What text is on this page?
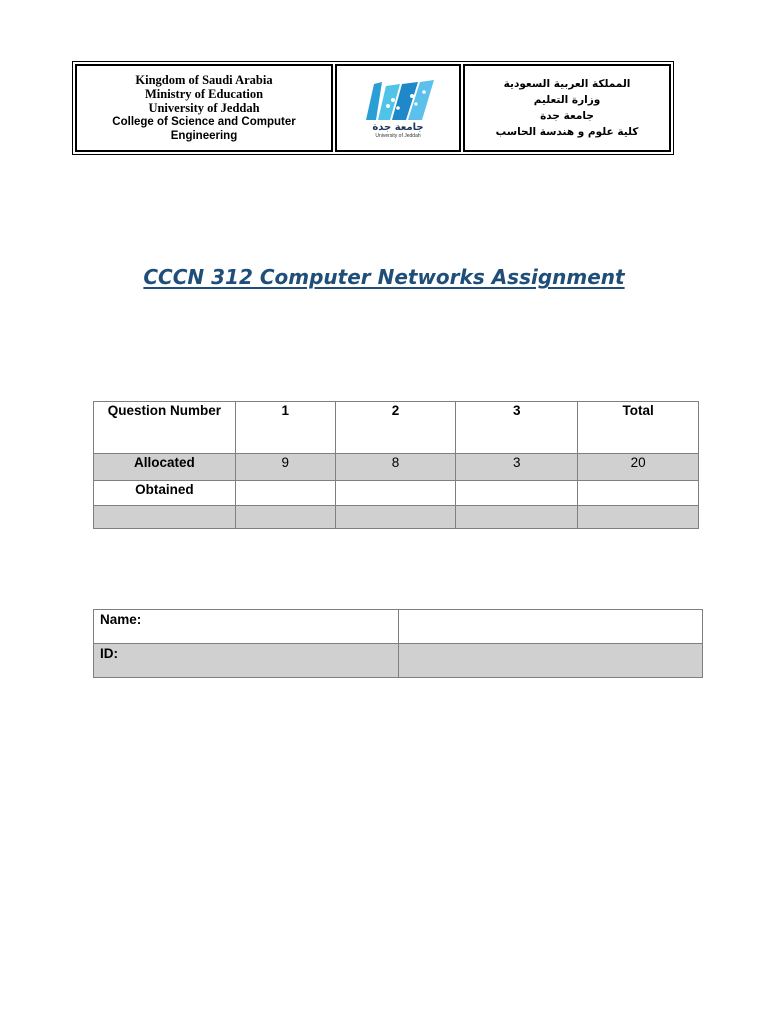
Kingdom of Saudi Arabia
Ministry of Education
University of Jeddah
College of Science and Computer Engineering
جامعة جدة
University of Jeddah
المملكة العربية السعودية
وزارة التعليم
جامعة جدة
كلية علوم و هندسة الحاسب
CCCN 312 Computer Networks Assignment
Question Number	1	2	3	Total
Allocated	9	8	3	20
Obtained				

Name:	
ID:	
